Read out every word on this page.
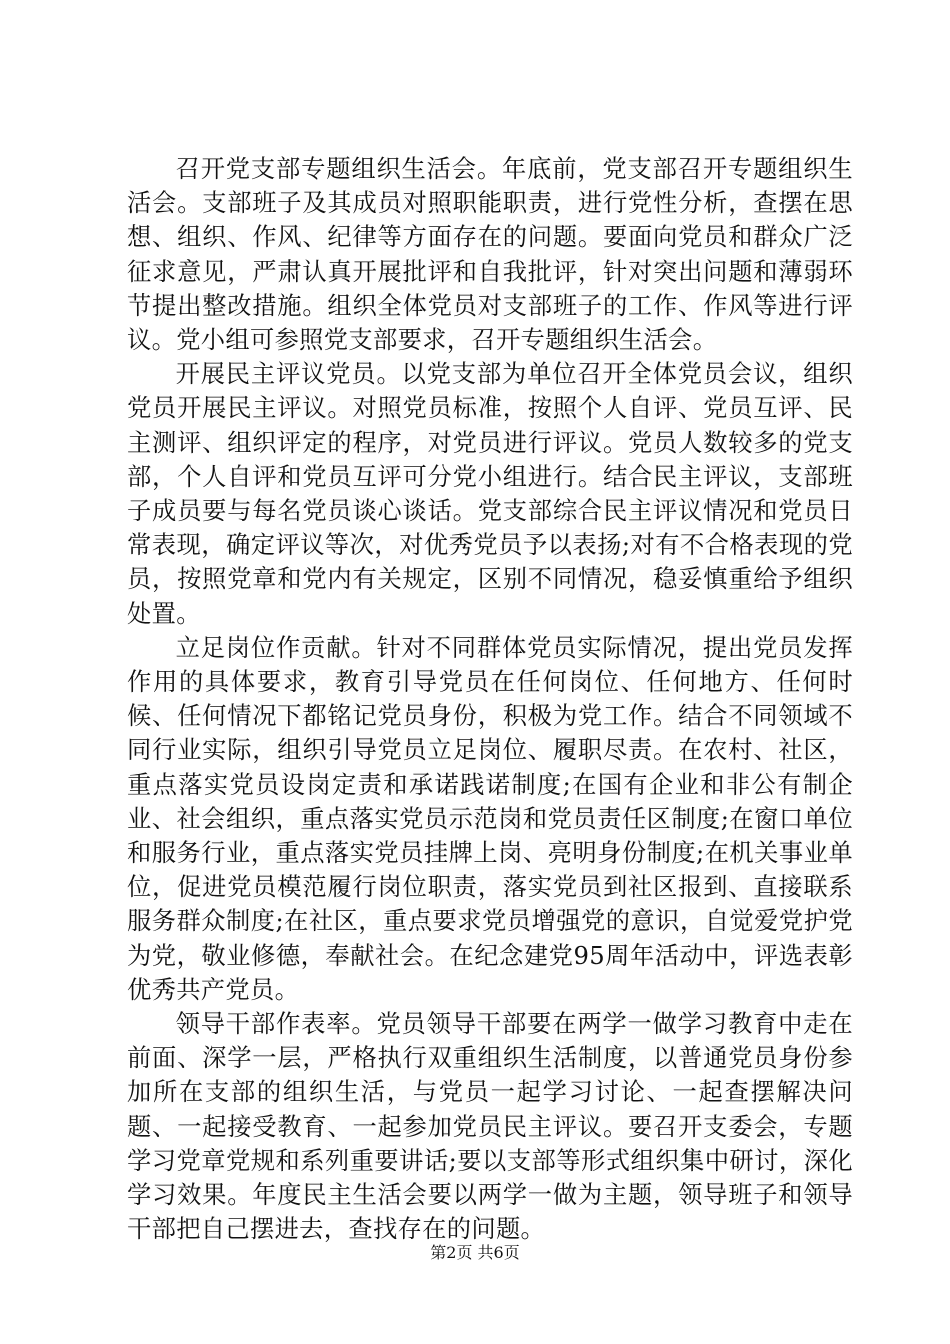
召开党支部专题组织生活会。年底前，党支部召开专题组织生活会。支部班子及其成员对照职能职责，进行党性分析，查摆在思想、组织、作风、纪律等方面存在的问题。要面向党员和群众广泛征求意见，严肃认真开展批评和自我批评，针对突出问题和薄弱环节提出整改措施。组织全体党员对支部班子的工作、作风等进行评议。党小组可参照党支部要求，召开专题组织生活会。

开展民主评议党员。以党支部为单位召开全体党员会议，组织党员开展民主评议。对照党员标准，按照个人自评、党员互评、民主测评、组织评定的程序，对党员进行评议。党员人数较多的党支部，个人自评和党员互评可分党小组进行。结合民主评议，支部班子成员要与每名党员谈心谈话。党支部综合民主评议情况和党员日常表现，确定评议等次，对优秀党员予以表扬;对有不合格表现的党员，按照党章和党内有关规定，区别不同情况，稳妥慎重给予组织处置。

立足岗位作贡献。针对不同群体党员实际情况，提出党员发挥作用的具体要求，教育引导党员在任何岗位、任何地方、任何时候、任何情况下都铭记党员身份，积极为党工作。结合不同领域不同行业实际，组织引导党员立足岗位、履职尽责。在农村、社区，重点落实党员设岗定责和承诺践诺制度;在国有企业和非公有制企业、社会组织，重点落实党员示范岗和党员责任区制度;在窗口单位和服务行业，重点落实党员挂牌上岗、亮明身份制度;在机关事业单位，促进党员模范履行岗位职责，落实党员到社区报到、直接联系服务群众制度;在社区，重点要求党员增强党的意识，自觉爱党护党为党，敬业修德，奉献社会。在纪念建党95周年活动中，评选表彰优秀共产党员。

领导干部作表率。党员领导干部要在两学一做学习教育中走在前面、深学一层，严格执行双重组织生活制度，以普通党员身份参加所在支部的组织生活，与党员一起学习讨论、一起查摆解决问题、一起接受教育、一起参加党员民主评议。要召开支委会，专题学习党章党规和系列重要讲话;要以支部等形式组织集中研讨，深化学习效果。年度民主生活会要以两学一做为主题，领导班子和领导干部把自己摆进去，查找存在的问题。

第2页 共6页
